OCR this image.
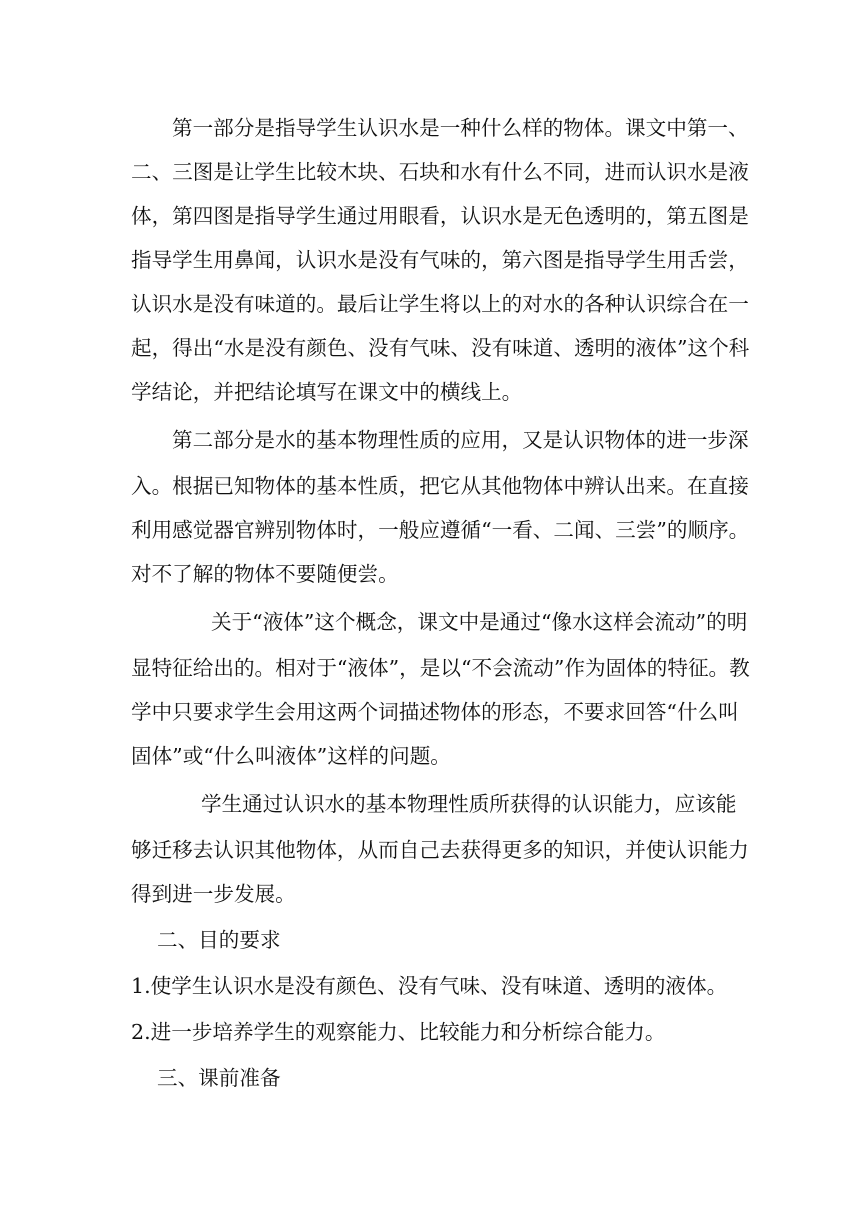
第一部分是指导学生认识水是一种什么样的物体。课文中第一、
二、三图是让学生比较木块、石块和水有什么不同，进而认识水是液
体，第四图是指导学生通过用眼看，认识水是无色透明的，第五图是
指导学生用鼻闻，认识水是没有气味的，第六图是指导学生用舌尝，
认识水是没有味道的。最后让学生将以上的对水的各种认识综合在一
起，得出“水是没有颜色、没有气味、没有味道、透明的液体”这个科
学结论，并把结论填写在课文中的横线上。
第二部分是水的基本物理性质的应用，又是认识物体的进一步深
入。根据已知物体的基本性质，把它从其他物体中辨认出来。在直接
利用感觉器官辨别物体时，一般应遵循“一看、二闻、三尝”的顺序。
对不了解的物体不要随便尝。
关于“液体”这个概念，课文中是通过“像水这样会流动”的明
显特征给出的。相对于“液体”，是以“不会流动”作为固体的特征。教
学中只要求学生会用这两个词描述物体的形态，不要求回答“什么叫
固体”或“什么叫液体”这样的问题。
学生通过认识水的基本物理性质所获得的认识能力，应该能
够迁移去认识其他物体，从而自己去获得更多的知识，并使认识能力
得到进一步发展。
二、目的要求
1.使学生认识水是没有颜色、没有气味、没有味道、透明的液体。
2.进一步培养学生的观察能力、比较能力和分析综合能力。
三、课前准备
